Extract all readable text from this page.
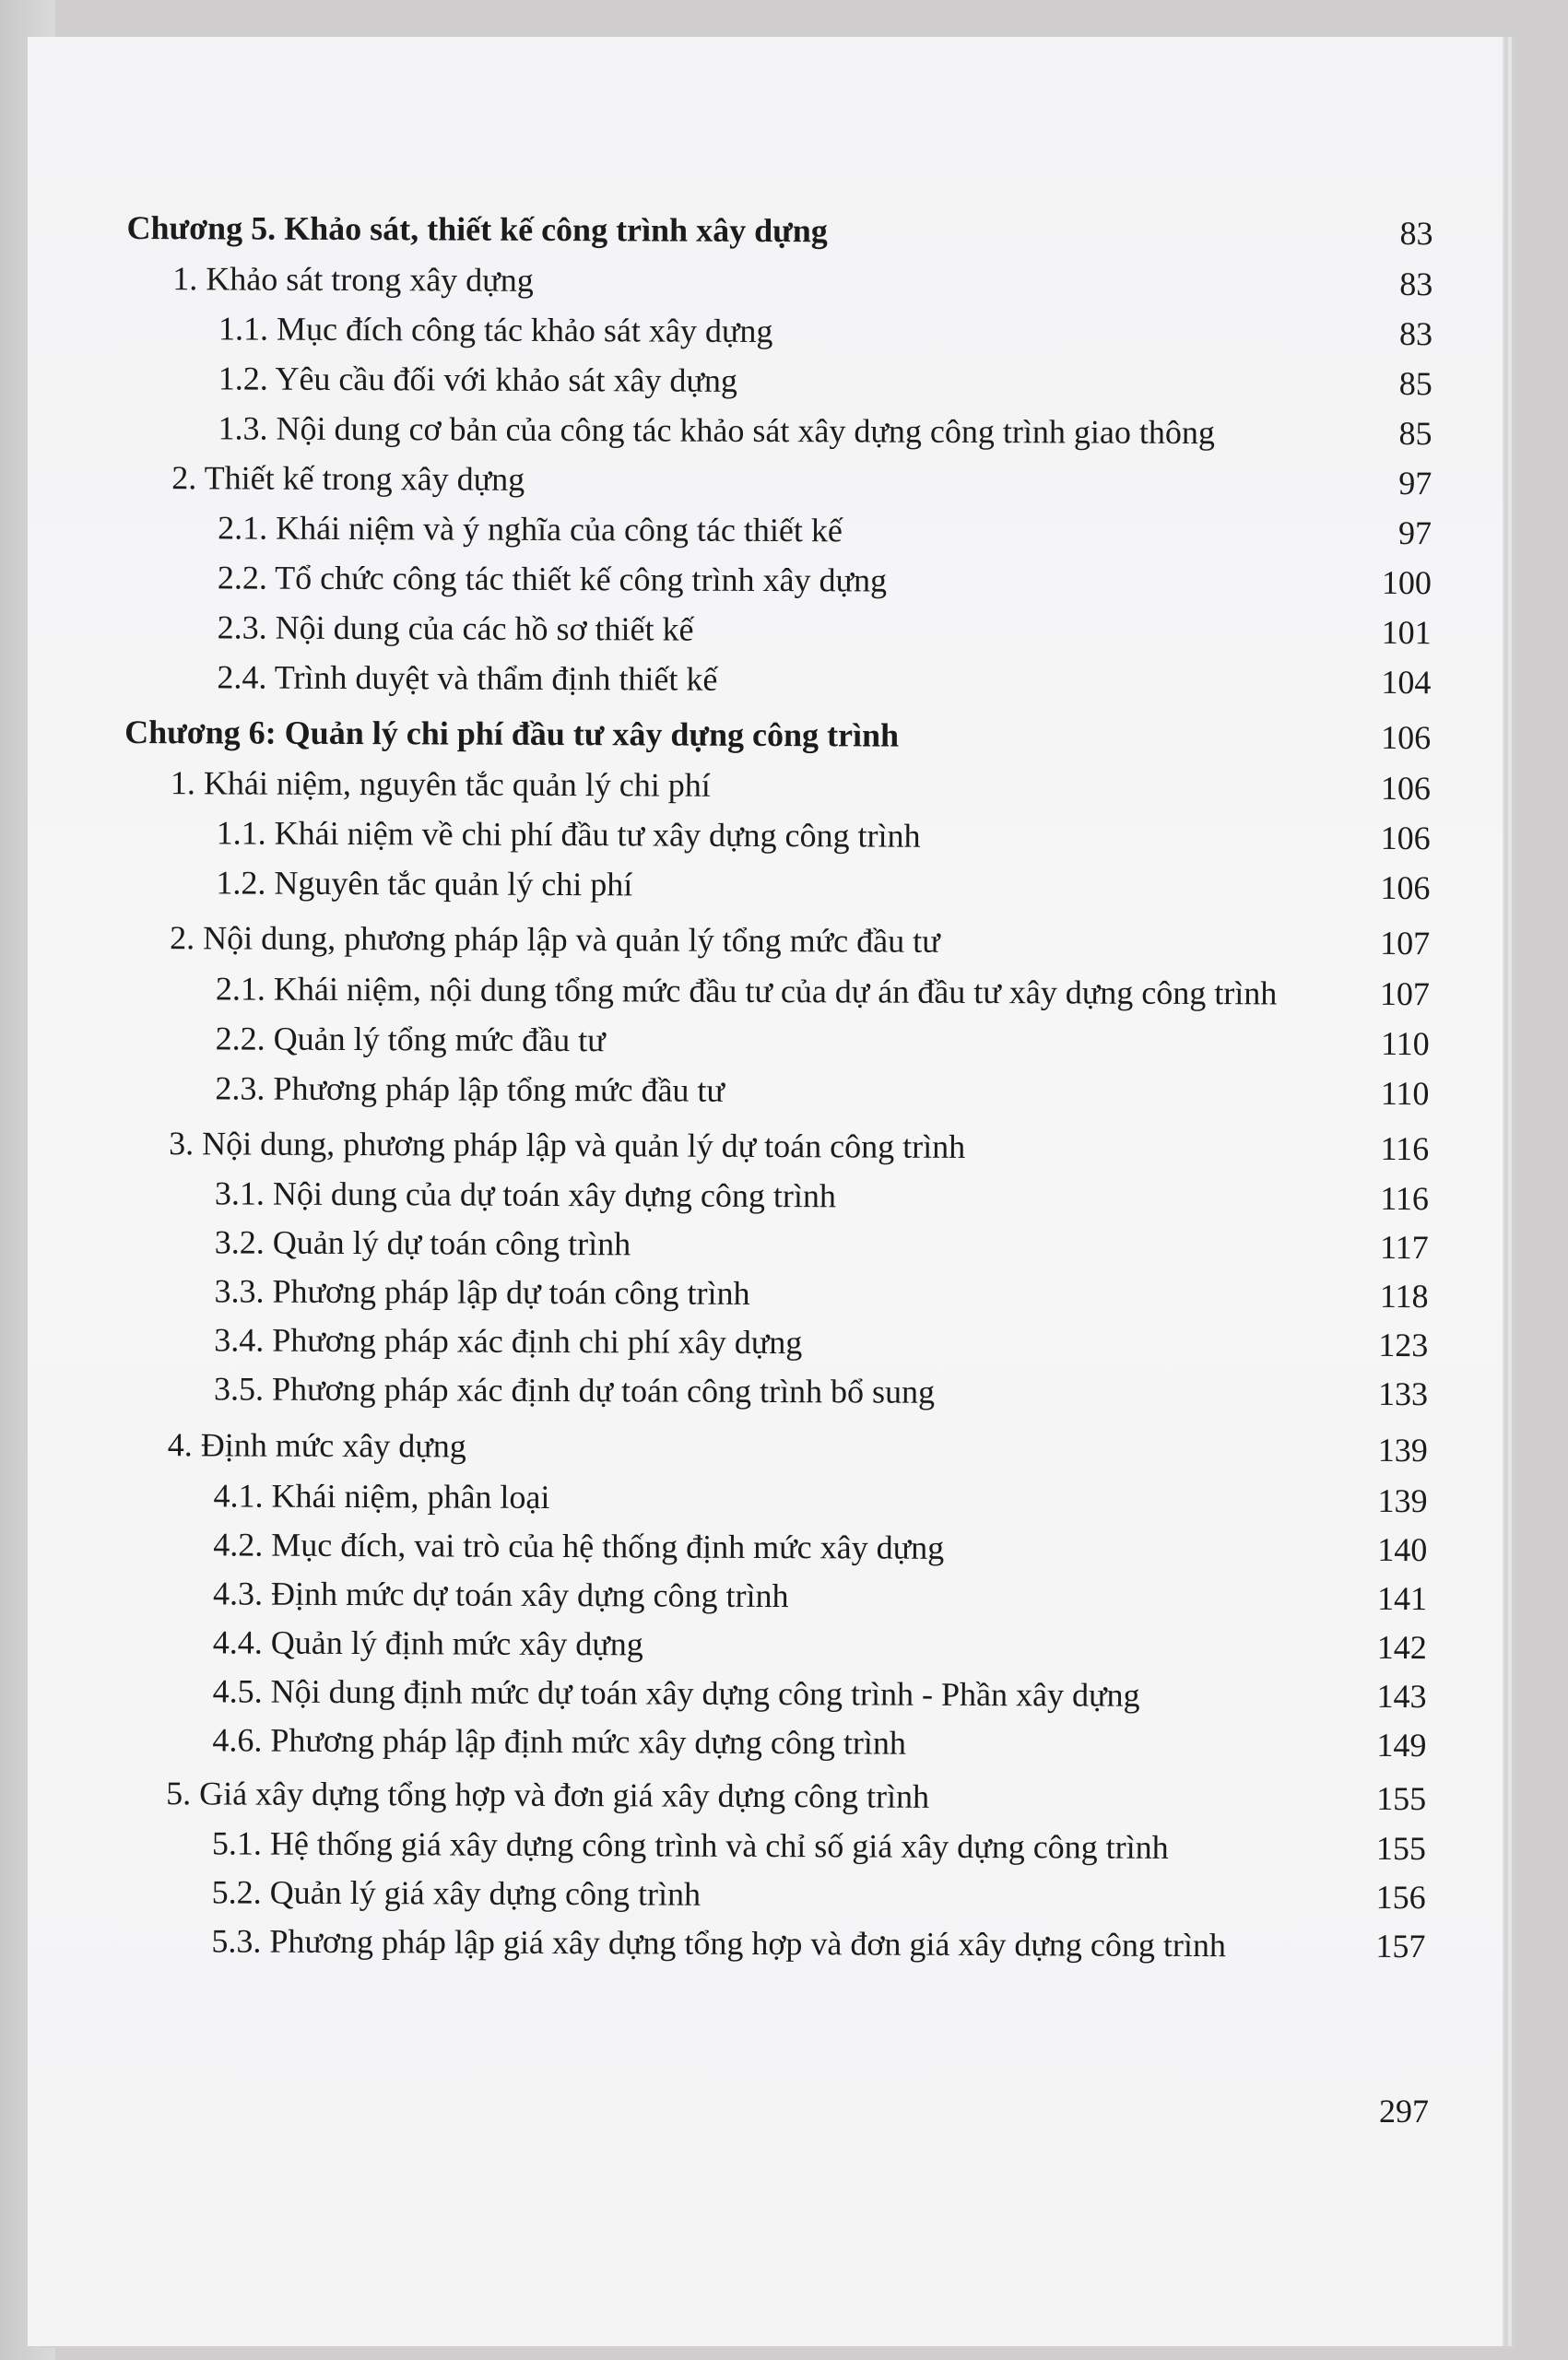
Chương 5. Khảo sát, thiết kế công trình xây dựng	83
1. Khảo sát trong xây dựng	83
1.1. Mục đích công tác khảo sát xây dựng	83
1.2. Yêu cầu đối với khảo sát xây dựng	85
1.3. Nội dung cơ bản của công tác khảo sát xây dựng công trình giao thông	85
2. Thiết kế trong xây dựng	97
2.1. Khái niệm và ý nghĩa của công tác thiết kế	97
2.2. Tổ chức công tác thiết kế công trình xây dựng	100
2.3. Nội dung của các hồ sơ thiết kế	101
2.4. Trình duyệt và thẩm định thiết kế	104
Chương 6: Quản lý chi phí đầu tư xây dựng công trình	106
1. Khái niệm, nguyên tắc quản lý chi phí	106
1.1. Khái niệm về chi phí đầu tư xây dựng công trình	106
1.2. Nguyên tắc quản lý chi phí	106
2. Nội dung, phương pháp lập và quản lý tổng mức đầu tư	107
2.1. Khái niệm, nội dung tổng mức đầu tư của dự án đầu tư xây dựng công trình	107
2.2. Quản lý tổng mức đầu tư	110
2.3. Phương pháp lập tổng mức đầu tư	110
3. Nội dung, phương pháp lập và quản lý dự toán công trình	116
3.1. Nội dung của dự toán xây dựng công trình	116
3.2. Quản lý dự toán công trình	117
3.3. Phương pháp lập dự toán công trình	118
3.4. Phương pháp xác định chi phí xây dựng	123
3.5. Phương pháp xác định dự toán công trình bổ sung	133
4. Định mức xây dựng	139
4.1. Khái niệm, phân loại	139
4.2. Mục đích, vai trò của hệ thống định mức xây dựng	140
4.3. Định mức dự toán xây dựng công trình	141
4.4. Quản lý định mức xây dựng	142
4.5. Nội dung định mức dự toán xây dựng công trình - Phần xây dựng	143
4.6. Phương pháp lập định mức xây dựng công trình	149
5. Giá xây dựng tổng hợp và đơn giá xây dựng công trình	155
5.1. Hệ thống giá xây dựng công trình và chỉ số giá xây dựng công trình	155
5.2. Quản lý giá xây dựng công trình	156
5.3. Phương pháp lập giá xây dựng tổng hợp và đơn giá xây dựng công trình	157
297
